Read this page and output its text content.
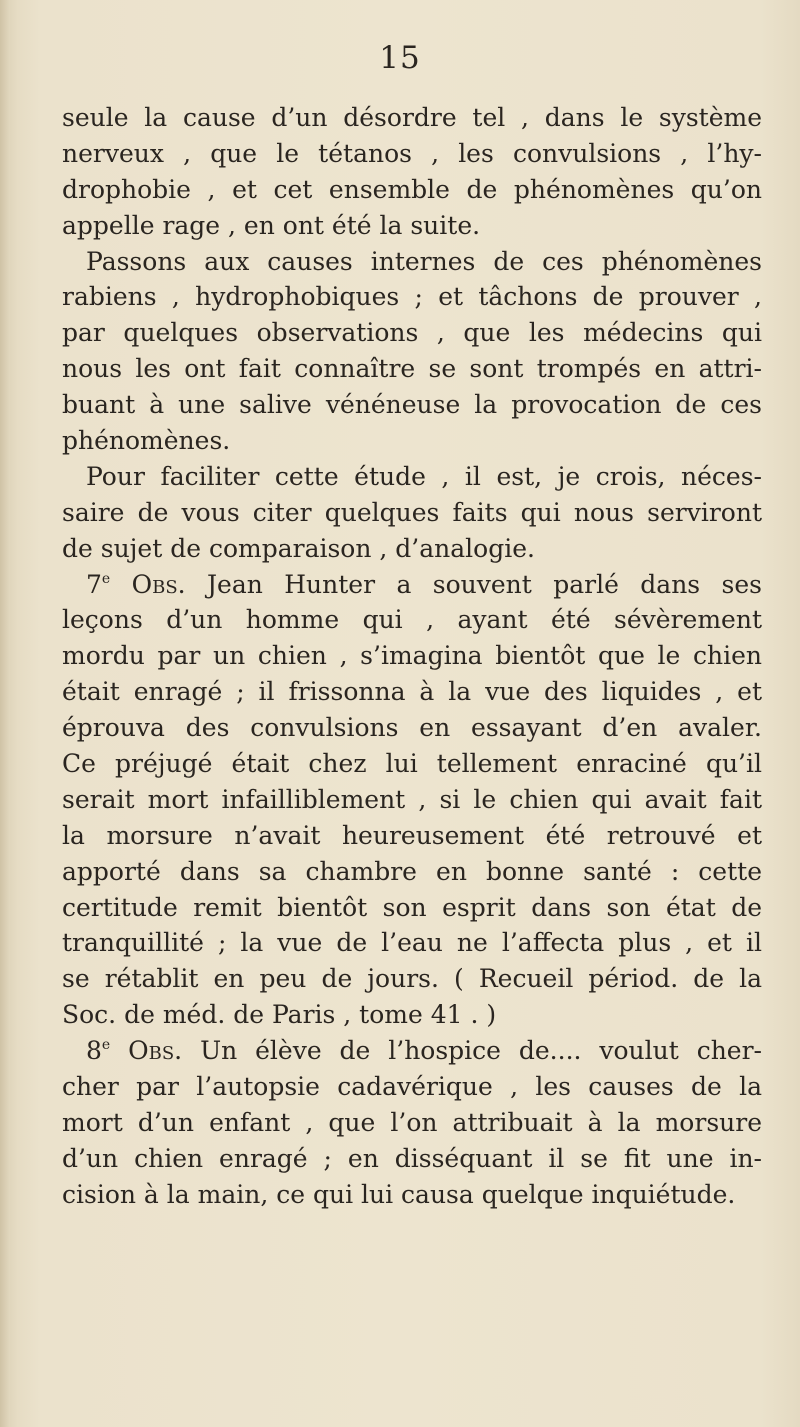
15
seule la cause d’un désordre tel , dans le système
nerveux , que le tétanos , les convulsions , l’hy-
drophobie , et cet ensemble de phénomènes qu’on
appelle rage , en ont été la suite.
Passons aux causes internes de ces phénomènes
rabiens , hydrophobiques ; et tâchons de prouver ,
par quelques observations , que les médecins qui
nous les ont fait connaître se sont trompés en attri-
buant à une salive vénéneuse la provocation de ces
phénomènes.
Pour faciliter cette étude , il est, je crois, néces-
saire de vous citer quelques faits qui nous serviront
de sujet de comparaison , d’analogie.
7e Obs. Jean Hunter a souvent parlé dans ses
leçons d’un homme qui , ayant été sévèrement
mordu par un chien , s’imagina bientôt que le chien
était enragé ; il frissonna à la vue des liquides , et
éprouva des convulsions en essayant d’en avaler.
Ce préjugé était chez lui tellement enraciné qu’il
serait mort infailliblement , si le chien qui avait fait
la morsure n’avait heureusement été retrouvé et
apporté dans sa chambre en bonne santé : cette
certitude remit bientôt son esprit dans son état de
tranquillité ; la vue de l’eau ne l’affecta plus , et il
se rétablit en peu de jours. ( Recueil périod. de la
Soc. de méd. de Paris , tome 41 . )
8e Obs. Un élève de l’hospice de.... voulut cher-
cher par l’autopsie cadavérique , les causes de la
mort d’un enfant , que l’on attribuait à la morsure
d’un chien enragé ; en disséquant il se fit une in-
cision à la main, ce qui lui causa quelque inquiétude.
